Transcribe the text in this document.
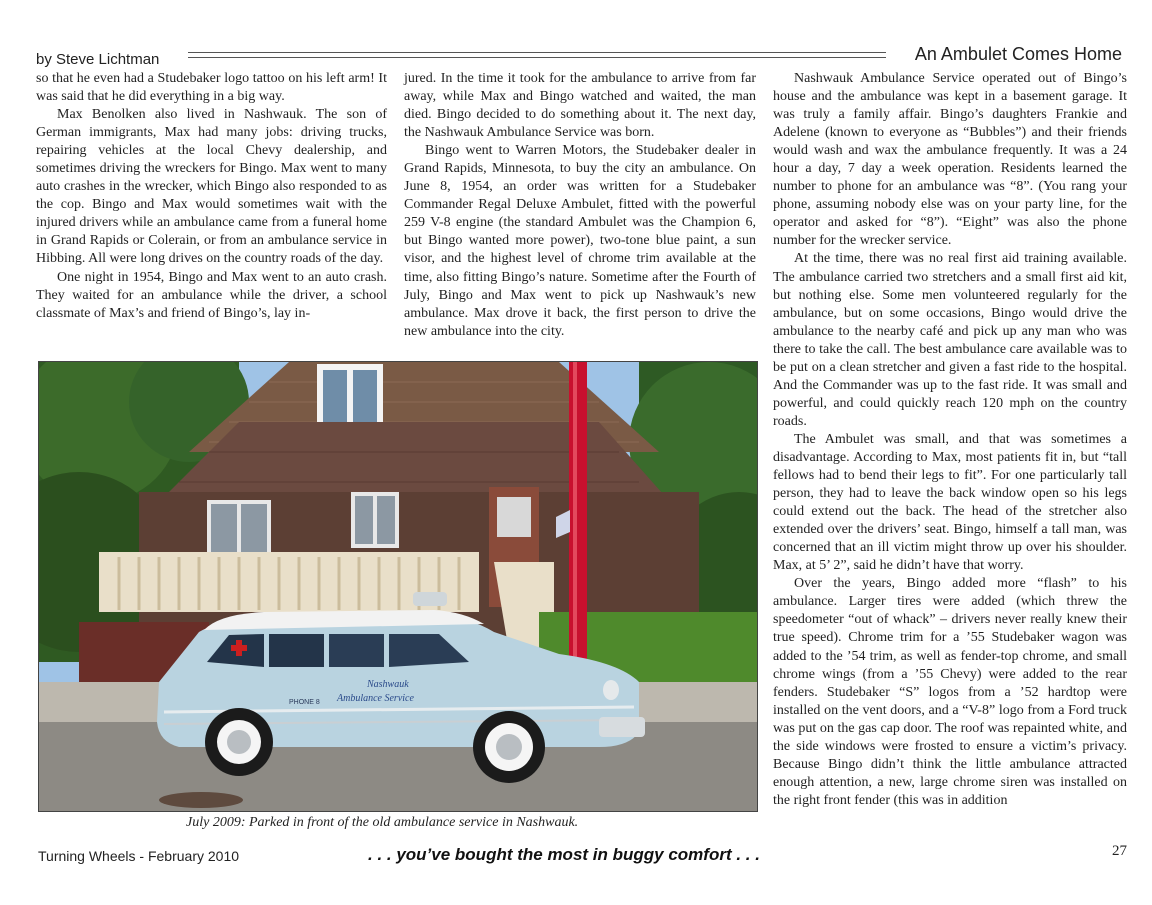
by Steve Lichtman	An Ambulet Comes Home

so that he even had a Studebaker logo tattoo on his left arm! It was said that he did everything in a big way.

Max Benolken also lived in Nashwauk. The son of German immigrants, Max had many jobs: driving trucks, repairing vehicles at the local Chevy dealership, and sometimes driving the wreckers for Bingo. Max went to many auto crashes in the wrecker, which Bingo also responded to as the cop. Bingo and Max would sometimes wait with the injured drivers while an ambulance came from a funeral home in Grand Rapids or Colerain, or from an ambulance service in Hibbing. All were long drives on the country roads of the day.

One night in 1954, Bingo and Max went to an auto crash. They waited for an ambulance while the driver, a school classmate of Max’s and friend of Bingo’s, lay in-

jured. In the time it took for the ambulance to arrive from far away, while Max and Bingo watched and waited, the man died. Bingo decided to do something about it. The next day, the Nashwauk Ambulance Service was born.

Bingo went to Warren Motors, the Studebaker dealer in Grand Rapids, Minnesota, to buy the city an ambulance. On June 8, 1954, an order was written for a Studebaker Commander Regal Deluxe Ambulet, fitted with the powerful 259 V-8 engine (the standard Ambulet was the Champion 6, but Bingo wanted more power), two-tone blue paint, a sun visor, and the highest level of chrome trim available at the time, also fitting Bingo’s nature. Sometime after the Fourth of July, Bingo and Max went to pick up Nashwauk’s new ambulance. Max drove it back, the first person to drive the new ambulance into the city.

Nashwauk Ambulance Service operated out of Bingo’s house and the ambulance was kept in a basement garage. It was truly a family affair. Bingo’s daughters Frankie and Adelene (known to everyone as “Bubbles”) and their friends would wash and wax the ambulance frequently. It was a 24 hour a day, 7 day a week operation. Residents learned the number to phone for an ambulance was “8”. (You rang your phone, assuming nobody else was on your party line, for the operator and asked for “8”). “Eight” was also the phone number for the wrecker service.

At the time, there was no real first aid training available. The ambulance carried two stretchers and a small first aid kit, but nothing else. Some men volunteered regularly for the ambulance, but on some occasions, Bingo would drive the ambulance to the nearby café and pick up any man who was there to take the call. The best ambulance care available was to be put on a clean stretcher and given a fast ride to the hospital. And the Commander was up to the fast ride. It was small and powerful, and could quickly reach 120 mph on the country roads.

The Ambulet was small, and that was sometimes a disadvantage. According to Max, most patients fit in, but “tall fellows had to bend their legs to fit”. For one particularly tall person, they had to leave the back window open so his legs could extend out the back. The head of the stretcher also extended over the drivers’ seat. Bingo, himself a tall man, was concerned that an ill victim might throw up over his shoulder. Max, at 5’ 2”, said he didn’t have that worry.

Over the years, Bingo added more “flash” to his ambulance. Larger tires were added (which threw the speedometer “out of whack” – drivers never really knew their true speed). Chrome trim for a ’55 Studebaker wagon was added to the ’54 trim, as well as fender-top chrome, and small chrome wings (from a ’55 Chevy) were added to the rear fenders. Studebaker “S” logos from a ’52 hardtop were installed on the vent doors, and a “V-8” logo from a Ford truck was put on the gas cap door. The roof was repainted white, and the side windows were frosted to ensure a victim’s privacy. Because Bingo didn’t think the little ambulance attracted enough attention, a new, large chrome siren was installed on the right front fender (this was in addition

Nashwauk
Ambulance Service
PHONE 8
July 2009: Parked in front of the old ambulance service in Nashwauk.
Turning Wheels - February 2010	. . . you’ve bought the most in buggy comfort . . .	27
